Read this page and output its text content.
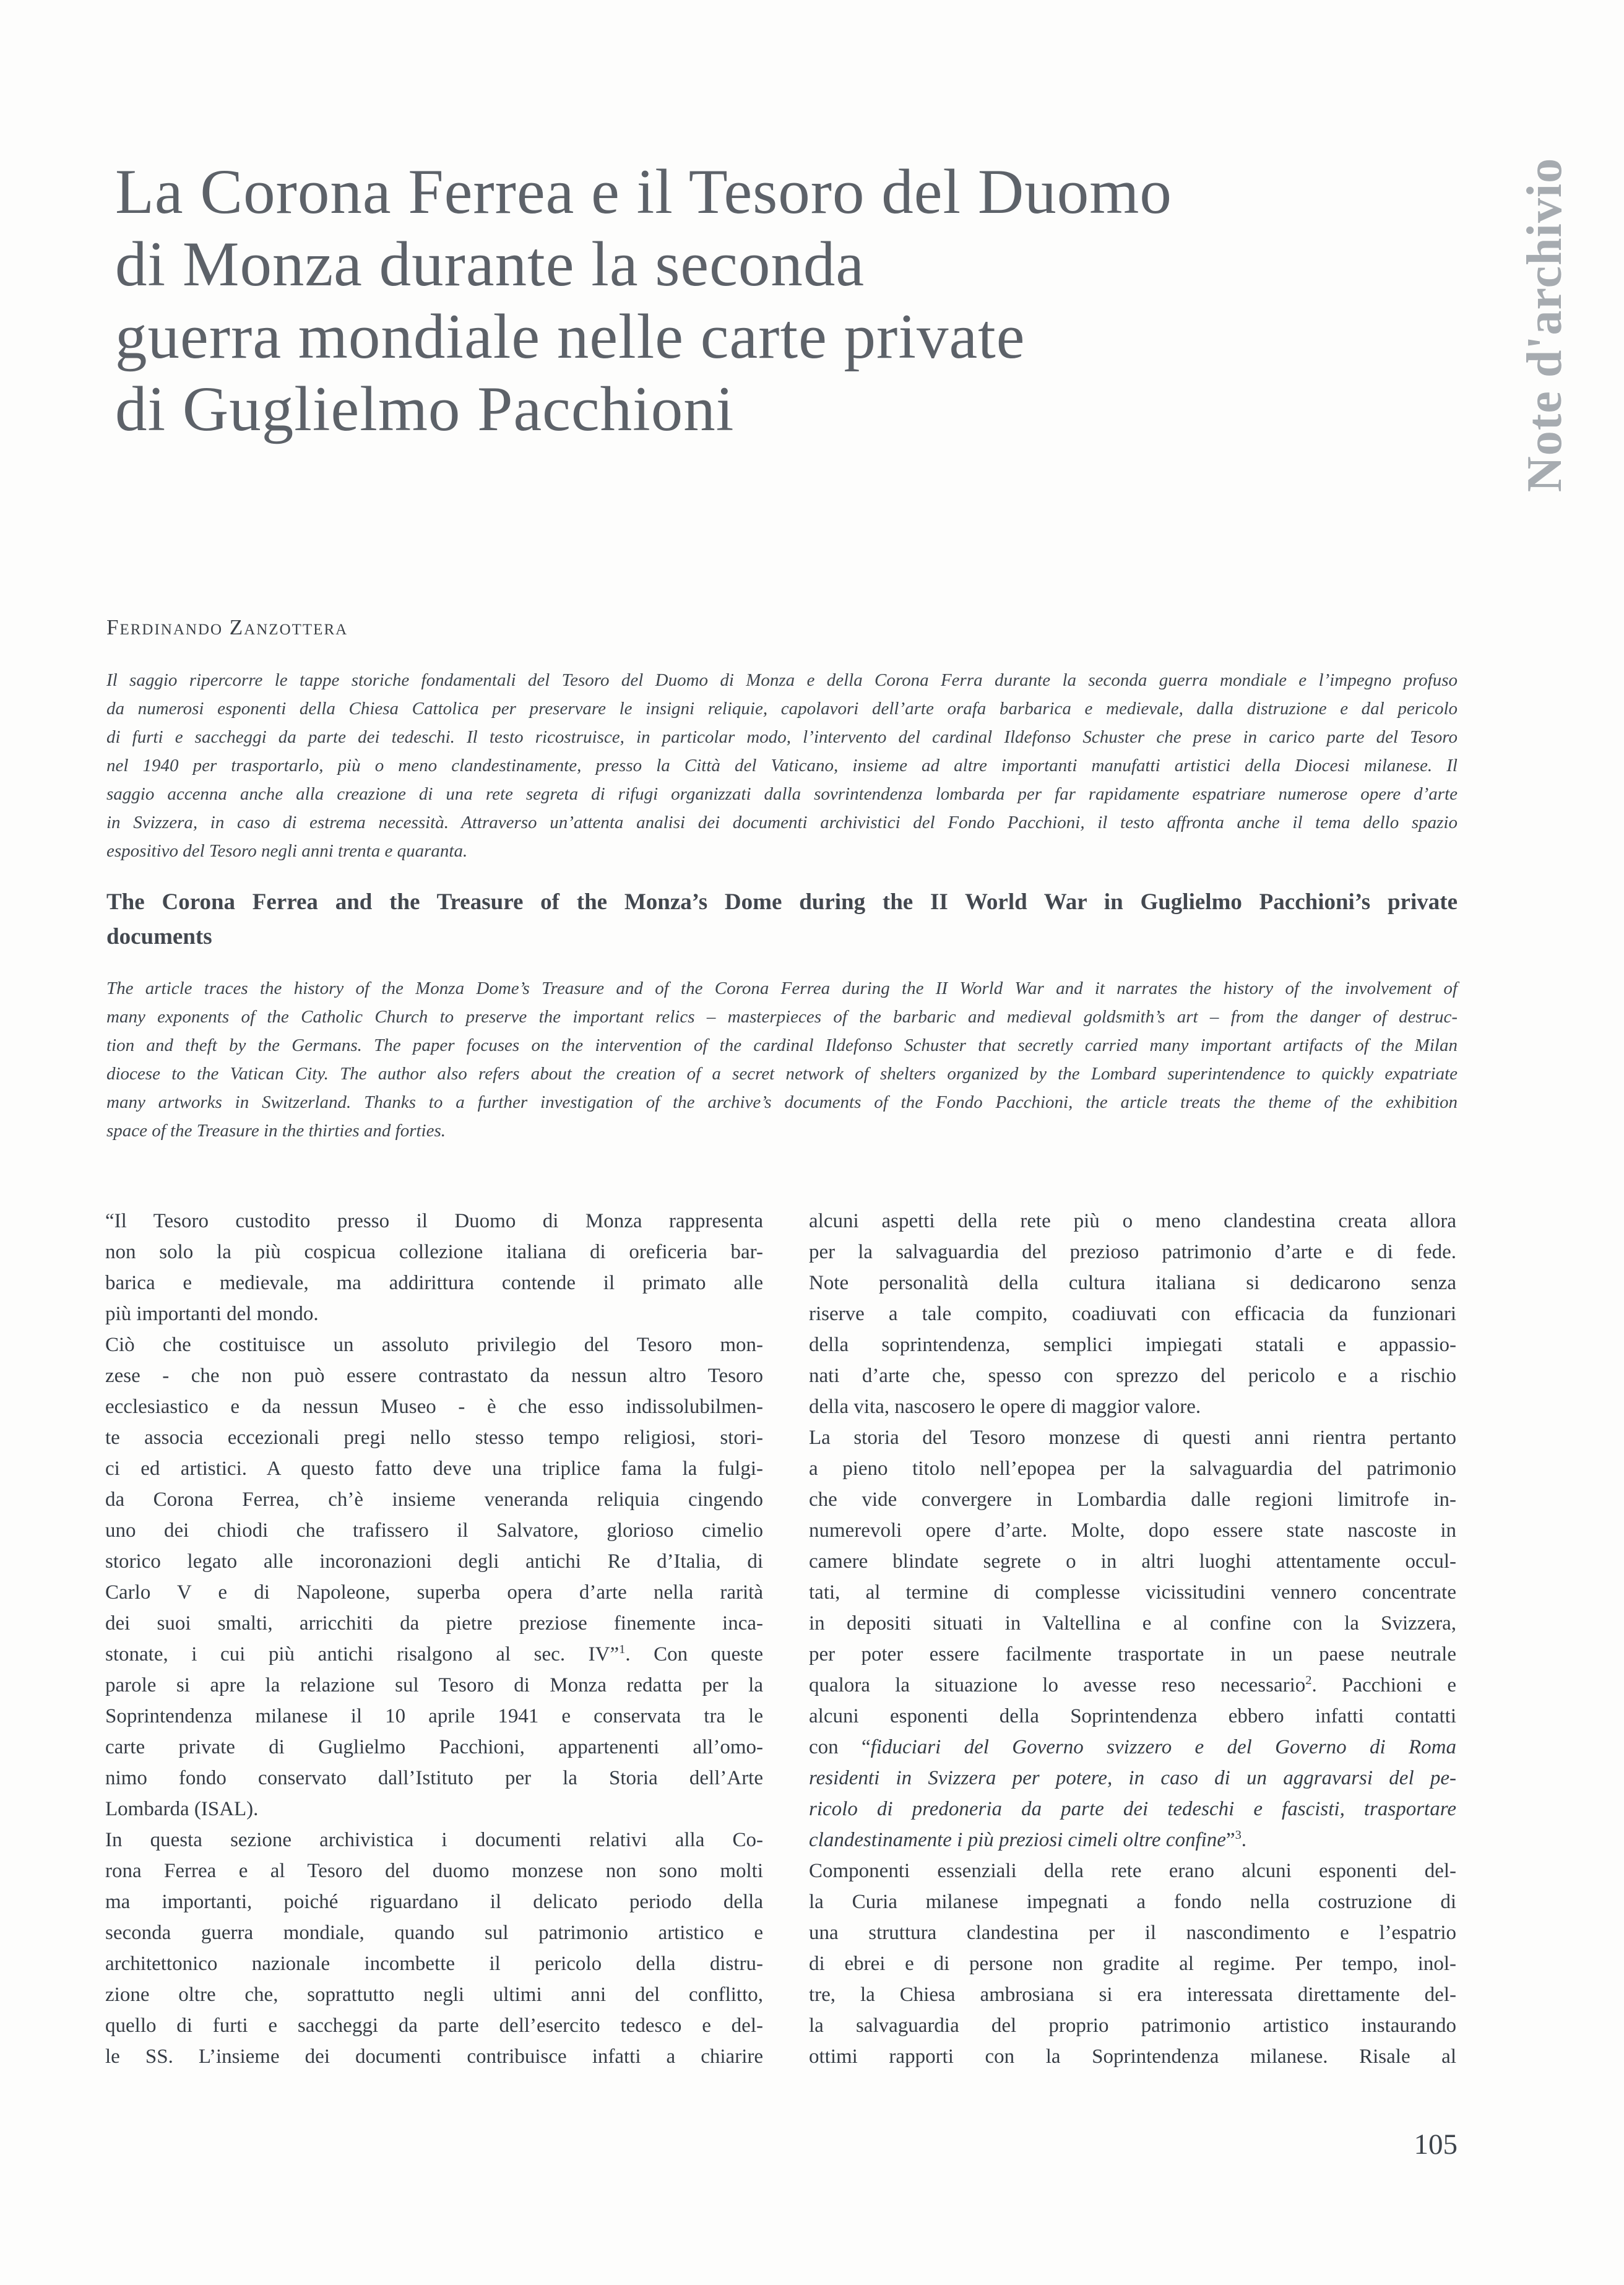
La Corona Ferrea e il Tesoro del Duomo
di Monza durante la seconda
guerra mondiale nelle carte private
di Guglielmo Pacchioni
Ferdinando Zanzottera
Il saggio ripercorre le tappe storiche fondamentali del Tesoro del Duomo di Monza e della Corona Ferra durante la seconda guerra mondiale e l’impegno profuso
da numerosi esponenti della Chiesa Cattolica per preservare le insigni reliquie, capolavori dell’arte orafa barbarica e medievale, dalla distruzione e dal pericolo
di furti e saccheggi da parte dei tedeschi. Il testo ricostruisce, in particolar modo, l’intervento del cardinal Ildefonso Schuster che prese in carico parte del Tesoro
nel 1940 per trasportarlo, più o meno clandestinamente, presso la Città del Vaticano, insieme ad altre importanti manufatti artistici della Diocesi milanese. Il
saggio accenna anche alla creazione di una rete segreta di rifugi organizzati dalla sovrintendenza lombarda per far rapidamente espatriare numerose opere d’arte
in Svizzera, in caso di estrema necessità. Attraverso un’attenta analisi dei documenti archivistici del Fondo Pacchioni, il testo affronta anche il tema dello spazio
espositivo del Tesoro negli anni trenta e quaranta.
The Corona Ferrea and the Treasure of the Monza’s Dome during the II World War in Guglielmo Pacchioni’s private
documents
The article traces the history of the Monza Dome’s Treasure and of the Corona Ferrea during the II World War and it narrates the history of the involvement of
many exponents of the Catholic Church to preserve the important relics – masterpieces of the barbaric and medieval goldsmith’s art – from the danger of destruc-
tion and theft by the Germans. The paper focuses on the intervention of the cardinal Ildefonso Schuster that secretly carried many important artifacts of the Milan
diocese to the Vatican City. The author also refers about the creation of a secret network of shelters organized by the Lombard superintendence to quickly expatriate
many artworks in Switzerland. Thanks to a further investigation of the archive’s documents of the Fondo Pacchioni, the article treats the theme of the exhibition
space of the Treasure in the thirties and forties.
“Il Tesoro custodito presso il Duomo di Monza rappresenta
non solo la più cospicua collezione italiana di oreficeria bar-
barica e medievale, ma addirittura contende il primato alle
più importanti del mondo.
Ciò che costituisce un assoluto privilegio del Tesoro mon-
zese - che non può essere contrastato da nessun altro Tesoro
ecclesiastico e da nessun Museo - è che esso indissolubilmen-
te associa eccezionali pregi nello stesso tempo religiosi, stori-
ci ed artistici. A questo fatto deve una triplice fama la fulgi-
da Corona Ferrea, ch’è insieme veneranda reliquia cingendo
uno dei chiodi che trafissero il Salvatore, glorioso cimelio
storico legato alle incoronazioni degli antichi Re d’Italia, di
Carlo V e di Napoleone, superba opera d’arte nella rarità
dei suoi smalti, arricchiti da pietre preziose finemente inca-
stonate, i cui più antichi risalgono al sec. IV”$^1$. Con queste
parole si apre la relazione sul Tesoro di Monza redatta per la
Soprintendenza milanese il 10 aprile 1941 e conservata tra le
carte private di Guglielmo Pacchioni, appartenenti all’omo-
nimo fondo conservato dall’Istituto per la Storia dell’Arte
Lombarda (ISAL).
In questa sezione archivistica i documenti relativi alla Co-
rona Ferrea e al Tesoro del duomo monzese non sono molti
ma importanti, poiché riguardano il delicato periodo della
seconda guerra mondiale, quando sul patrimonio artistico e
architettonico nazionale incombette il pericolo della distru-
zione oltre che, soprattutto negli ultimi anni del conflitto,
quello di furti e saccheggi da parte dell’esercito tedesco e del-
le SS. L’insieme dei documenti contribuisce infatti a chiarire
alcuni aspetti della rete più o meno clandestina creata allora
per la salvaguardia del prezioso patrimonio d’arte e di fede.
Note personalità della cultura italiana si dedicarono senza
riserve a tale compito, coadiuvati con efficacia da funzionari
della soprintendenza, semplici impiegati statali e appassio-
nati d’arte che, spesso con sprezzo del pericolo e a rischio
della vita, nascosero le opere di maggior valore.
La storia del Tesoro monzese di questi anni rientra pertanto
a pieno titolo nell’epopea per la salvaguardia del patrimonio
che vide convergere in Lombardia dalle regioni limitrofe in-
numerevoli opere d’arte. Molte, dopo essere state nascoste in
camere blindate segrete o in altri luoghi attentamente occul-
tati, al termine di complesse vicissitudini vennero concentrate
in depositi situati in Valtellina e al confine con la Svizzera,
per poter essere facilmente trasportate in un paese neutrale
qualora la situazione lo avesse reso necessario$^2$. Pacchioni e
alcuni esponenti della Soprintendenza ebbero infatti contatti
con “fiduciari del Governo svizzero e del Governo di Roma
residenti in Svizzera per potere, in caso di un aggravarsi del pe-
ricolo di predoneria da parte dei tedeschi e fascisti, trasportare
clandestinamente i più preziosi cimeli oltre confine”$^3$.
Componenti essenziali della rete erano alcuni esponenti del-
la Curia milanese impegnati a fondo nella costruzione di
una struttura clandestina per il nascondimento e l’espatrio
di ebrei e di persone non gradite al regime. Per tempo, inol-
tre, la Chiesa ambrosiana si era interessata direttamente del-
la salvaguardia del proprio patrimonio artistico instaurando
ottimi rapporti con la Soprintendenza milanese. Risale al
Note d'archivio
105
